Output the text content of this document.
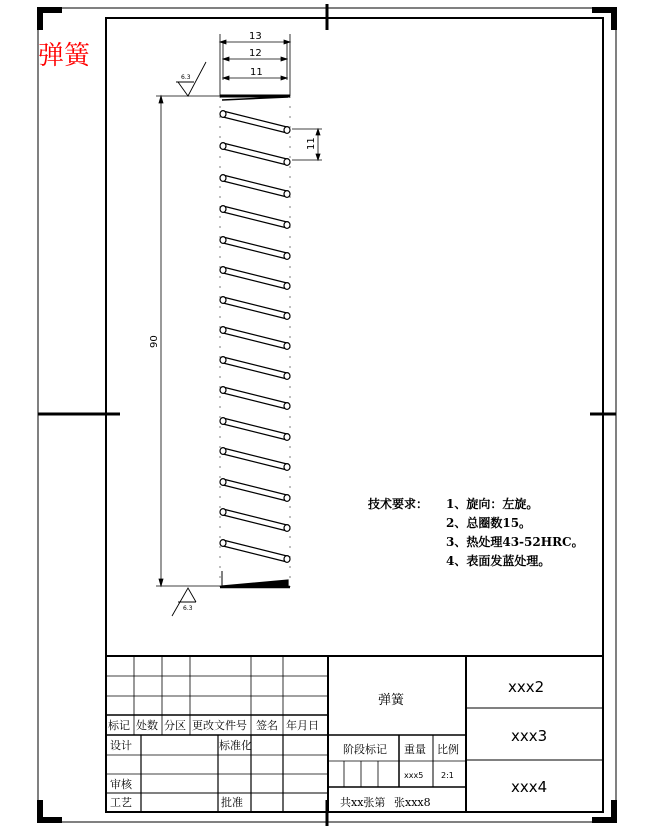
弹簧
13
12
11
11
90
6.3
6.3
技术要求： 1、旋向：左旋。
2、总圈数15。
3、热处理43-52HRC。
4、表面发蓝处理。
标记 处数 分区 更改文件号 签名 年月日
设计	标准化
审核
工艺	批准
弹簧
阶段标记 重量 比例
xxx5 2:1
共xx张第 张xxx8
xxx2
xxx3
xxx4
